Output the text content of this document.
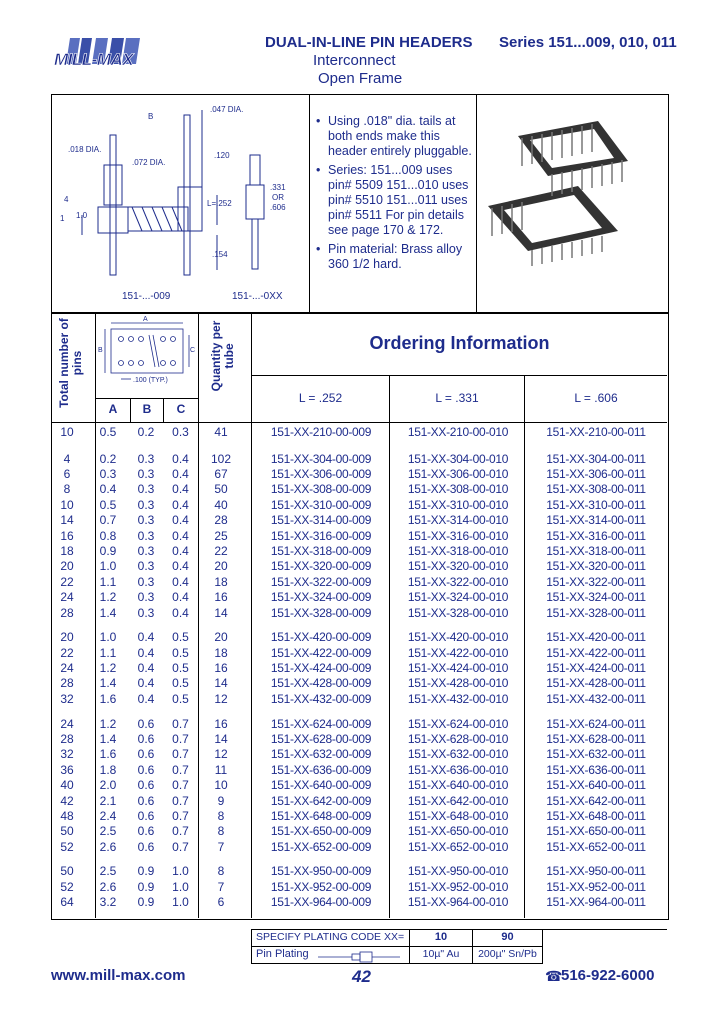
MILL-MAX
DUAL-IN-LINE PIN HEADERS
Interconnect
Open Frame
Series 151...009, 010, 011
.047 DIA.
B
.018 DIA.
.072 DIA.
.120
4
1 1.0
L=.252
.331
OR
.606
.154
151-...-009	151-...-0XX
• Using .018" dia. tails at both ends make this header entirely pluggable.
• Series: 151...009 uses pin# 5509 151...010 uses pin# 5510 151...011 uses pin# 5511 For pin details see page 170 & 172.
• Pin material: Brass alloy 360 1/2 hard.
Total number of pins	Quantity per tube
A
B	C
.100 (TYP.)
A	B	C
Ordering Information
L = .252	L = .331	L = .606
10	0.5	0.2	0.3	41	151-XX-210-00-009	151-XX-210-00-010	151-XX-210-00-011
4	0.2	0.3	0.4	102	151-XX-304-00-009	151-XX-304-00-010	151-XX-304-00-011
6	0.3	0.3	0.4	67	151-XX-306-00-009	151-XX-306-00-010	151-XX-306-00-011
8	0.4	0.3	0.4	50	151-XX-308-00-009	151-XX-308-00-010	151-XX-308-00-011
10	0.5	0.3	0.4	40	151-XX-310-00-009	151-XX-310-00-010	151-XX-310-00-011
14	0.7	0.3	0.4	28	151-XX-314-00-009	151-XX-314-00-010	151-XX-314-00-011
16	0.8	0.3	0.4	25	151-XX-316-00-009	151-XX-316-00-010	151-XX-316-00-011
18	0.9	0.3	0.4	22	151-XX-318-00-009	151-XX-318-00-010	151-XX-318-00-011
20	1.0	0.3	0.4	20	151-XX-320-00-009	151-XX-320-00-010	151-XX-320-00-011
22	1.1	0.3	0.4	18	151-XX-322-00-009	151-XX-322-00-010	151-XX-322-00-011
24	1.2	0.3	0.4	16	151-XX-324-00-009	151-XX-324-00-010	151-XX-324-00-011
28	1.4	0.3	0.4	14	151-XX-328-00-009	151-XX-328-00-010	151-XX-328-00-011
20	1.0	0.4	0.5	20	151-XX-420-00-009	151-XX-420-00-010	151-XX-420-00-011
22	1.1	0.4	0.5	18	151-XX-422-00-009	151-XX-422-00-010	151-XX-422-00-011
24	1.2	0.4	0.5	16	151-XX-424-00-009	151-XX-424-00-010	151-XX-424-00-011
28	1.4	0.4	0.5	14	151-XX-428-00-009	151-XX-428-00-010	151-XX-428-00-011
32	1.6	0.4	0.5	12	151-XX-432-00-009	151-XX-432-00-010	151-XX-432-00-011
24	1.2	0.6	0.7	16	151-XX-624-00-009	151-XX-624-00-010	151-XX-624-00-011
28	1.4	0.6	0.7	14	151-XX-628-00-009	151-XX-628-00-010	151-XX-628-00-011
32	1.6	0.6	0.7	12	151-XX-632-00-009	151-XX-632-00-010	151-XX-632-00-011
36	1.8	0.6	0.7	11	151-XX-636-00-009	151-XX-636-00-010	151-XX-636-00-011
40	2.0	0.6	0.7	10	151-XX-640-00-009	151-XX-640-00-010	151-XX-640-00-011
42	2.1	0.6	0.7	9	151-XX-642-00-009	151-XX-642-00-010	151-XX-642-00-011
48	2.4	0.6	0.7	8	151-XX-648-00-009	151-XX-648-00-010	151-XX-648-00-011
50	2.5	0.6	0.7	8	151-XX-650-00-009	151-XX-650-00-010	151-XX-650-00-011
52	2.6	0.6	0.7	7	151-XX-652-00-009	151-XX-652-00-010	151-XX-652-00-011
50	2.5	0.9	1.0	8	151-XX-950-00-009	151-XX-950-00-010	151-XX-950-00-011
52	2.6	0.9	1.0	7	151-XX-952-00-009	151-XX-952-00-010	151-XX-952-00-011
64	3.2	0.9	1.0	6	151-XX-964-00-009	151-XX-964-00-010	151-XX-964-00-011
SPECIFY PLATING CODE XX=	10	90
Pin Plating	10µ" Au	200µ" Sn/Pb
www.mill-max.com	42	☎
516-922-6000
